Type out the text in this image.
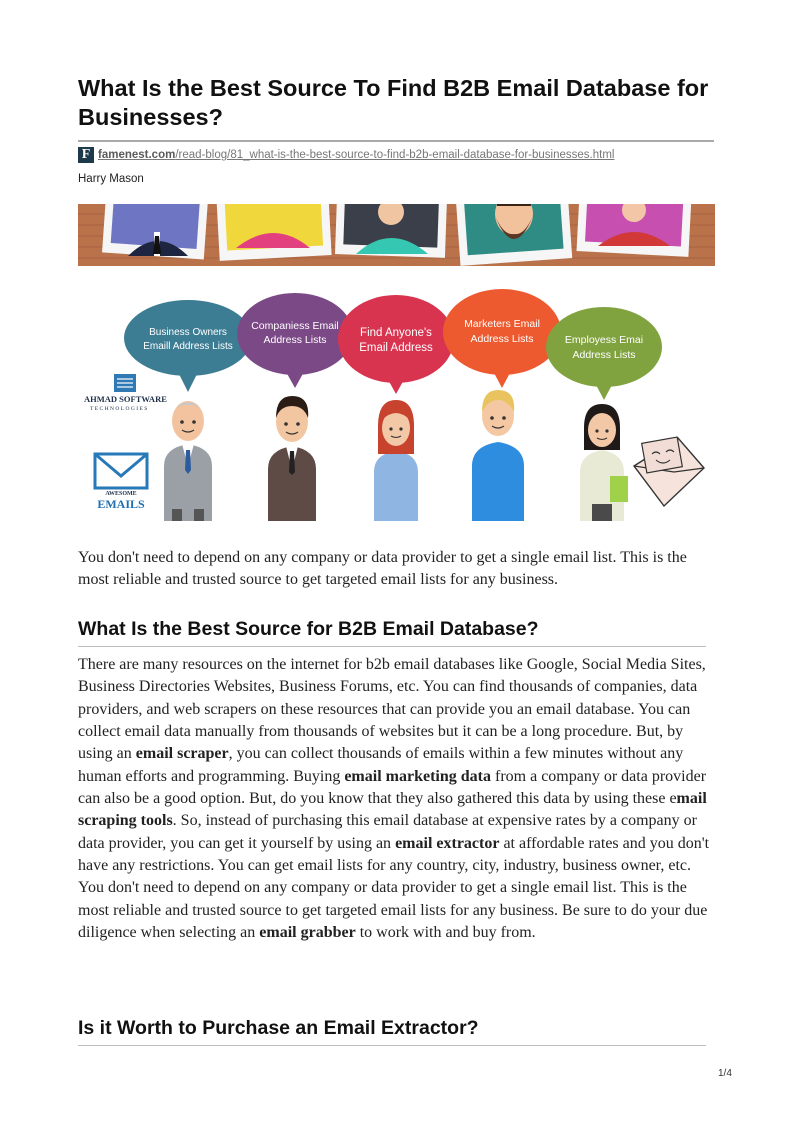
What Is the Best Source To Find B2B Email Database for Businesses?
F famenest.com/read-blog/81_what-is-the-best-source-to-find-b2b-email-database-for-businesses.html
Harry Mason
Business Owners
Emaill Address Lists
Companiess Email
Address Lists
Find Anyone's
Email Address
Marketers Email
Address Lists	Employess Emai
Address Lists
AHMAD SOFTWARE
TECHNOLOGIES
AWESOME
EMAILS

You don't need to depend on any company or data provider to get a single email list. This is the most reliable and trusted source to get targeted email lists for any business.

What Is the Best Source for B2B Email Database?

There are many resources on the internet for b2b email databases like Google, Social Media Sites, Business Directories Websites, Business Forums, etc. You can find thousands of companies, data providers, and web scrapers on these resources that can provide you an email database. You can collect email data manually from thousands of websites but it can be a long procedure. But, by using an email scraper, you can collect thousands of emails within a few minutes without any human efforts and programming. Buying email marketing data from a company or data provider can also be a good option. But, do you know that they also gathered this data by using these email scraping tools. So, instead of purchasing this email database at expensive rates by a company or data provider, you can get it yourself by using an email extractor at affordable rates and you don't have any restrictions. You can get email lists for any country, city, industry, business owner, etc. You don't need to depend on any company or data provider to get a single email list. This is the most reliable and trusted source to get targeted email lists for any business. Be sure to do your due diligence when selecting an email grabber to work with and buy from.

Is it Worth to Purchase an Email Extractor?
1/4
